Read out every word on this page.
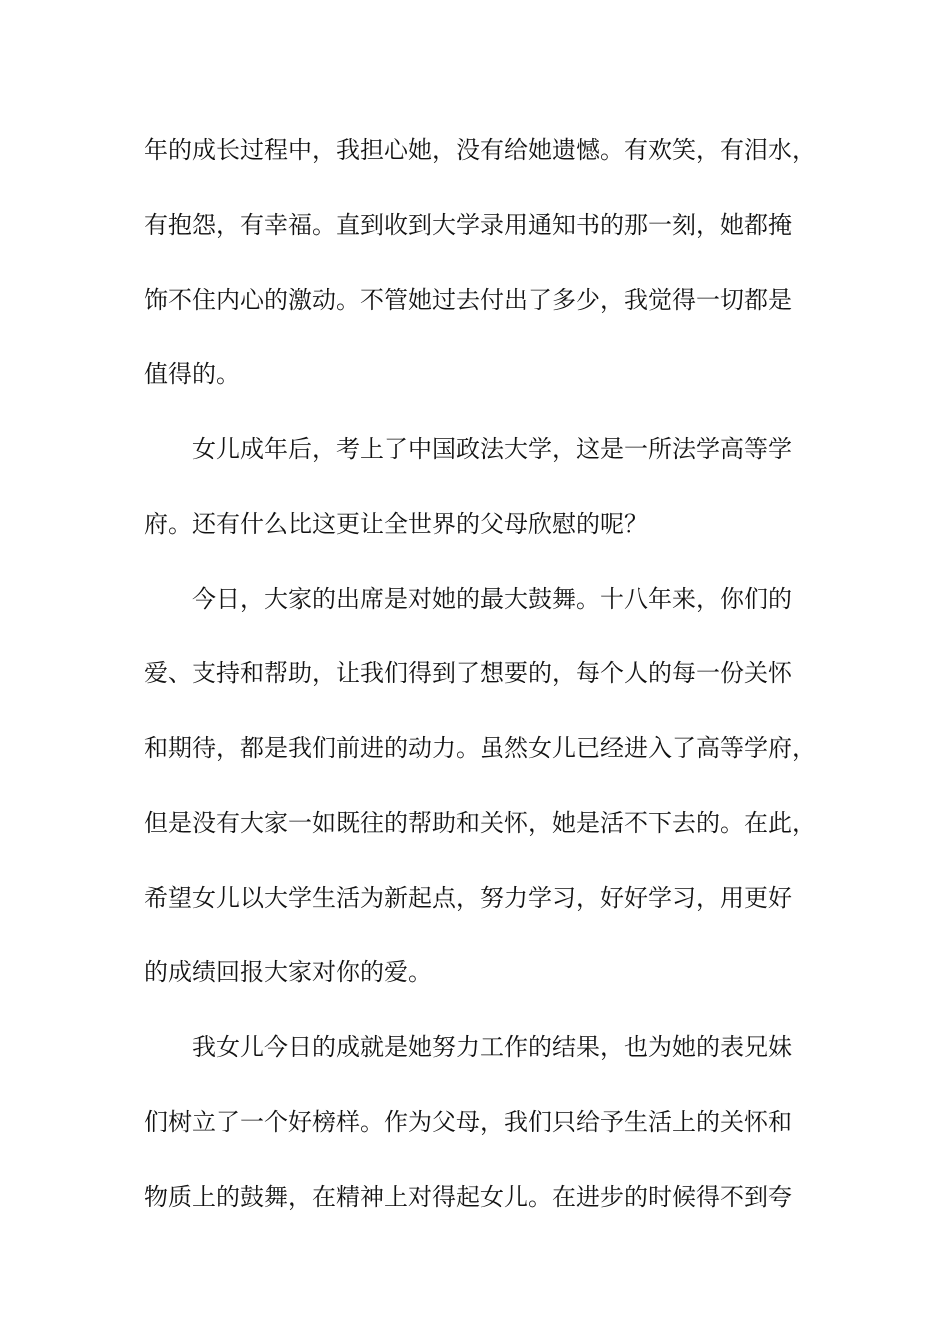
年的成长过程中，我担心她，没有给她遗憾。有欢笑，有泪水，
有抱怨，有幸福。直到收到大学录用通知书的那一刻，她都掩
饰不住内心的激动。不管她过去付出了多少，我觉得一切都是
值得的。
女儿成年后，考上了中国政法大学，这是一所法学高等学
府。还有什么比这更让全世界的父母欣慰的呢？
今日，大家的出席是对她的最大鼓舞。十八年来，你们的
爱、支持和帮助，让我们得到了想要的，每个人的每一份关怀
和期待，都是我们前进的动力。虽然女儿已经进入了高等学府，
但是没有大家一如既往的帮助和关怀，她是活不下去的。在此，
希望女儿以大学生活为新起点，努力学习，好好学习，用更好
的成绩回报大家对你的爱。
我女儿今日的成就是她努力工作的结果，也为她的表兄妹
们树立了一个好榜样。作为父母，我们只给予生活上的关怀和
物质上的鼓舞，在精神上对得起女儿。在进步的时候得不到夸
